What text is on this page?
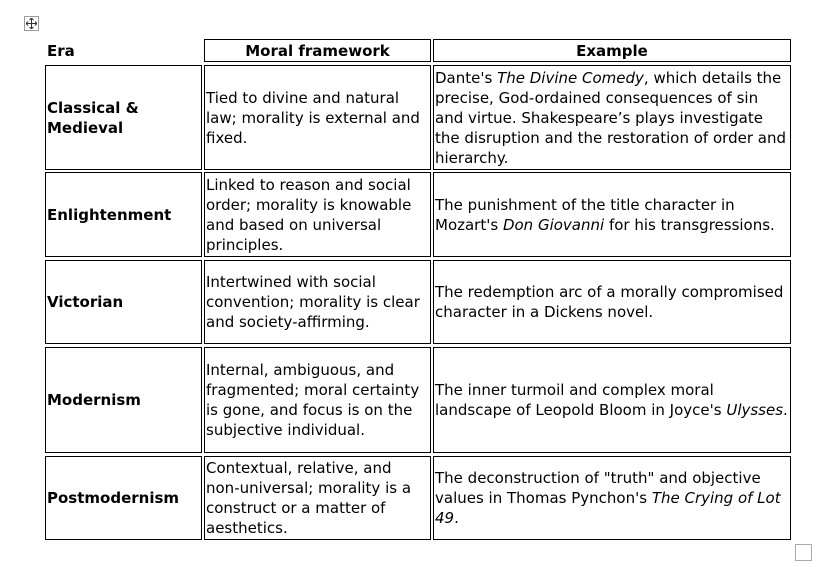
Era	Moral framework	Example
Classical & Medieval
Tied to divine and natural law; morality is external and fixed.
Dante's The Divine Comedy, which details the precise, God-ordained consequences of sin and virtue. Shakespeare’s plays investigate the disruption and the restoration of order and hierarchy.
Enlightenment
Linked to reason and social order; morality is knowable and based on universal principles.
The punishment of the title character in Mozart's Don Giovanni for his transgressions.
Victorian
Intertwined with social convention; morality is clear and society-affirming.
The redemption arc of a morally compromised character in a Dickens novel.
Modernism
Internal, ambiguous, and fragmented; moral certainty is gone, and focus is on the subjective individual.
The inner turmoil and complex moral landscape of Leopold Bloom in Joyce's Ulysses.
Postmodernism
Contextual, relative, and non-universal; morality is a construct or a matter of aesthetics.
The deconstruction of "truth" and objective values in Thomas Pynchon's The Crying of Lot 49.
